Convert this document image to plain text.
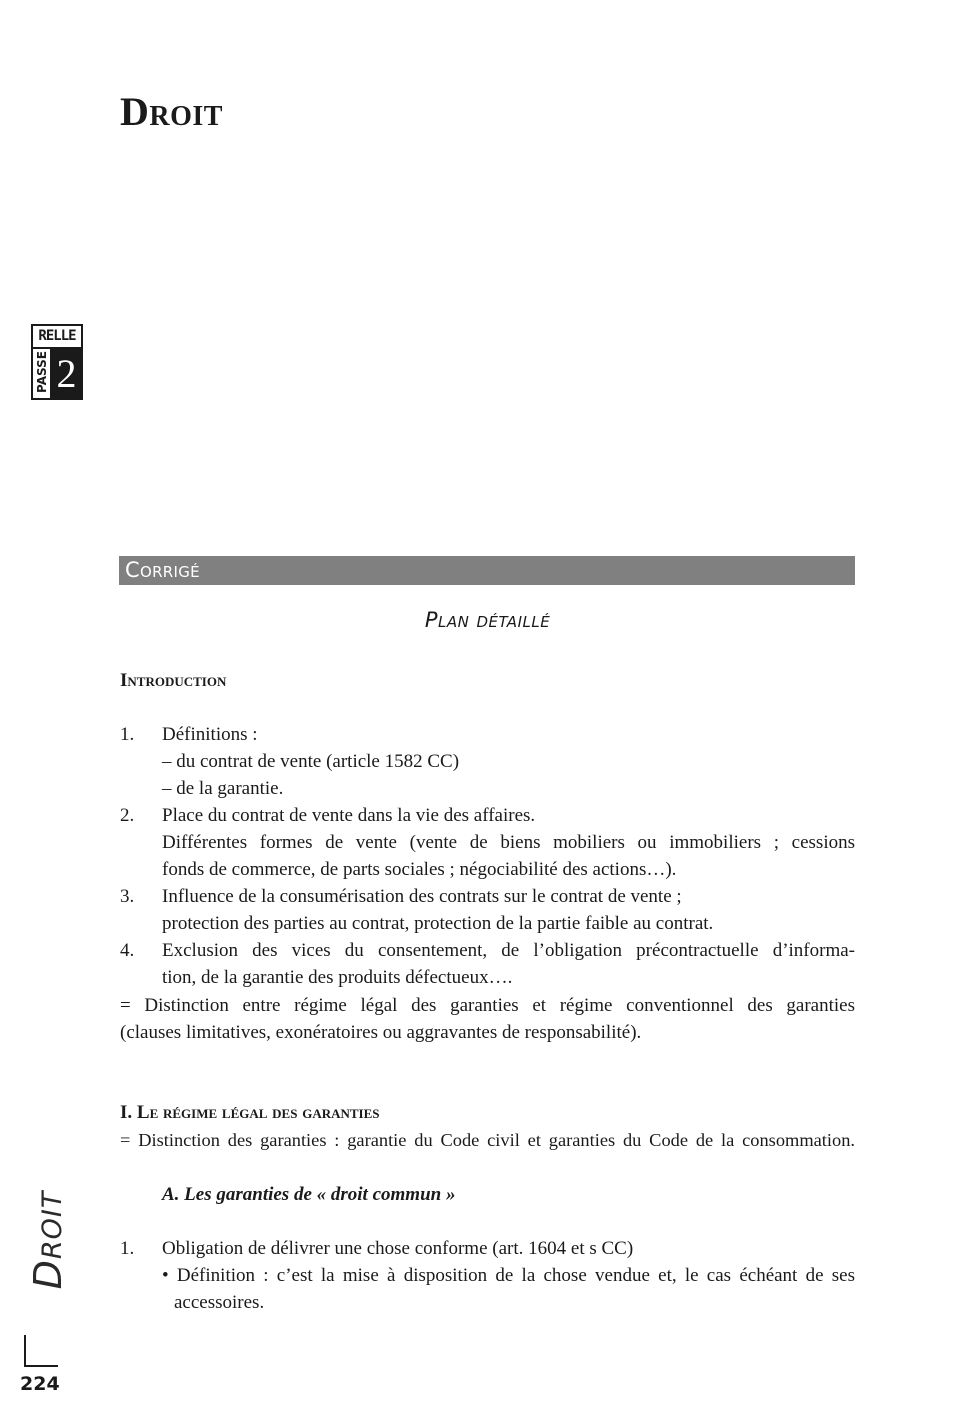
Droit
RELLE
PASSE 2
Corrigé
Plan détaillé
Introduction
1. Définitions :
– du contrat de vente (article 1582 CC)
– de la garantie.
2. Place du contrat de vente dans la vie des affaires.
Différentes formes de vente (vente de biens mobiliers ou immobiliers ; cessions
fonds de commerce, de parts sociales ; négociabilité des actions…).
3. Influence de la consumérisation des contrats sur le contrat de vente ;
protection des parties au contrat, protection de la partie faible au contrat.
4. Exclusion des vices du consentement, de l’obligation précontractuelle d’informa-
tion, de la garantie des produits défectueux….
= Distinction entre régime légal des garanties et régime conventionnel des garanties
(clauses limitatives, exonératoires ou aggravantes de responsabilité).
I. Le régime légal des garanties
= Distinction des garanties : garantie du Code civil et garanties du Code de la consommation.
A. Les garanties de « droit commun »
1. Obligation de délivrer une chose conforme (art. 1604 et s CC)
• Définition : c’est la mise à disposition de la chose vendue et, le cas échéant de ses
accessoires.
Droit
224
